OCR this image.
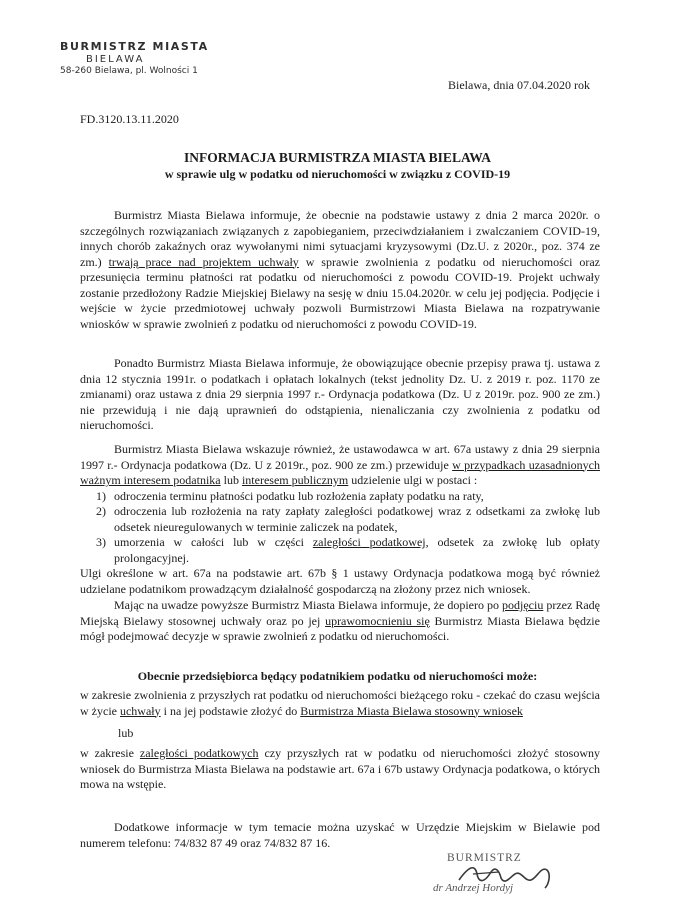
BURMISTRZ MIASTA
BIELAWA
58-260 Bielawa, pl. Wolności 1
Bielawa, dnia 07.04.2020 rok
FD.3120.13.11.2020
INFORMACJA BURMISTRZA MIASTA BIELAWA
w sprawie ulg w podatku od nieruchomości w związku z COVID-19

Burmistrz Miasta Bielawa informuje, że obecnie na podstawie ustawy z dnia 2 marca 2020r. o szczególnych rozwiązaniach związanych z zapobieganiem, przeciwdziałaniem i zwalczaniem COVID-19, innych chorób zakaźnych oraz wywołanymi nimi sytuacjami kryzysowymi (Dz.U. z 2020r., poz. 374 ze zm.) trwają prace nad projektem uchwały w sprawie zwolnienia z podatku od nieruchomości oraz przesunięcia terminu płatności rat podatku od nieruchomości z powodu COVID-19. Projekt uchwały zostanie przedłożony Radzie Miejskiej Bielawy na sesję w dniu 15.04.2020r. w celu jej podjęcia. Podjęcie i wejście w życie przedmiotowej uchwały pozwoli Burmistrzowi Miasta Bielawa na rozpatrywanie wniosków w sprawie zwolnień z podatku od nieruchomości z powodu COVID-19.

Ponadto Burmistrz Miasta Bielawa informuje, że obowiązujące obecnie przepisy prawa tj. ustawa z dnia 12 stycznia 1991r. o podatkach i opłatach lokalnych (tekst jednolity Dz. U. z 2019 r. poz. 1170 ze zmianami) oraz ustawa z dnia 29 sierpnia 1997 r.- Ordynacja podatkowa (Dz. U z 2019r. poz. 900 ze zm.) nie przewidują i nie dają uprawnień do odstąpienia, nienaliczania czy zwolnienia z podatku od nieruchomości.

Burmistrz Miasta Bielawa wskazuje również, że ustawodawca w art. 67a ustawy z dnia 29 sierpnia 1997 r.- Ordynacja podatkowa (Dz. U z 2019r., poz. 900 ze zm.) przewiduje w przypadkach uzasadnionych ważnym interesem podatnika lub interesem publicznym udzielenie ulgi w postaci :

1) odroczenia terminu płatności podatku lub rozłożenia zapłaty podatku na raty,
2) odroczenia lub rozłożenia na raty zapłaty zaległości podatkowej wraz z odsetkami za zwłokę lub odsetek nieuregulowanych w terminie zaliczek na podatek,
3) umorzenia w całości lub w części zaległości podatkowej, odsetek za zwłokę lub opłaty prolongacyjnej.

Ulgi określone w art. 67a na podstawie art. 67b § 1 ustawy Ordynacja podatkowa mogą być również udzielane podatnikom prowadzącym działalność gospodarczą na złożony przez nich wniosek.

Mając na uwadze powyższe Burmistrz Miasta Bielawa informuje, że dopiero po podjęciu przez Radę Miejską Bielawy stosownej uchwały oraz po jej uprawomocnieniu się Burmistrz Miasta Bielawa będzie mógł podejmować decyzje w sprawie zwolnień z podatku od nieruchomości.

Obecnie przedsiębiorca będący podatnikiem podatku od nieruchomości może:

w zakresie zwolnienia z przyszłych rat podatku od nieruchomości bieżącego roku - czekać do czasu wejścia w życie uchwały i na jej podstawie złożyć do Burmistrza Miasta Bielawa stosowny wniosek

lub

w zakresie zaległości podatkowych czy przyszłych rat w podatku od nieruchomości złożyć stosowny wniosek do Burmistrza Miasta Bielawa na podstawie art. 67a i 67b ustawy Ordynacja podatkowa, o których mowa na wstępie.

Dodatkowe informacje w tym temacie można uzyskać w Urzędzie Miejskim w Bielawie pod numerem telefonu: 74/832 87 49 oraz 74/832 87 16.

BURMISTRZ
dr Andrzej Hordyj
